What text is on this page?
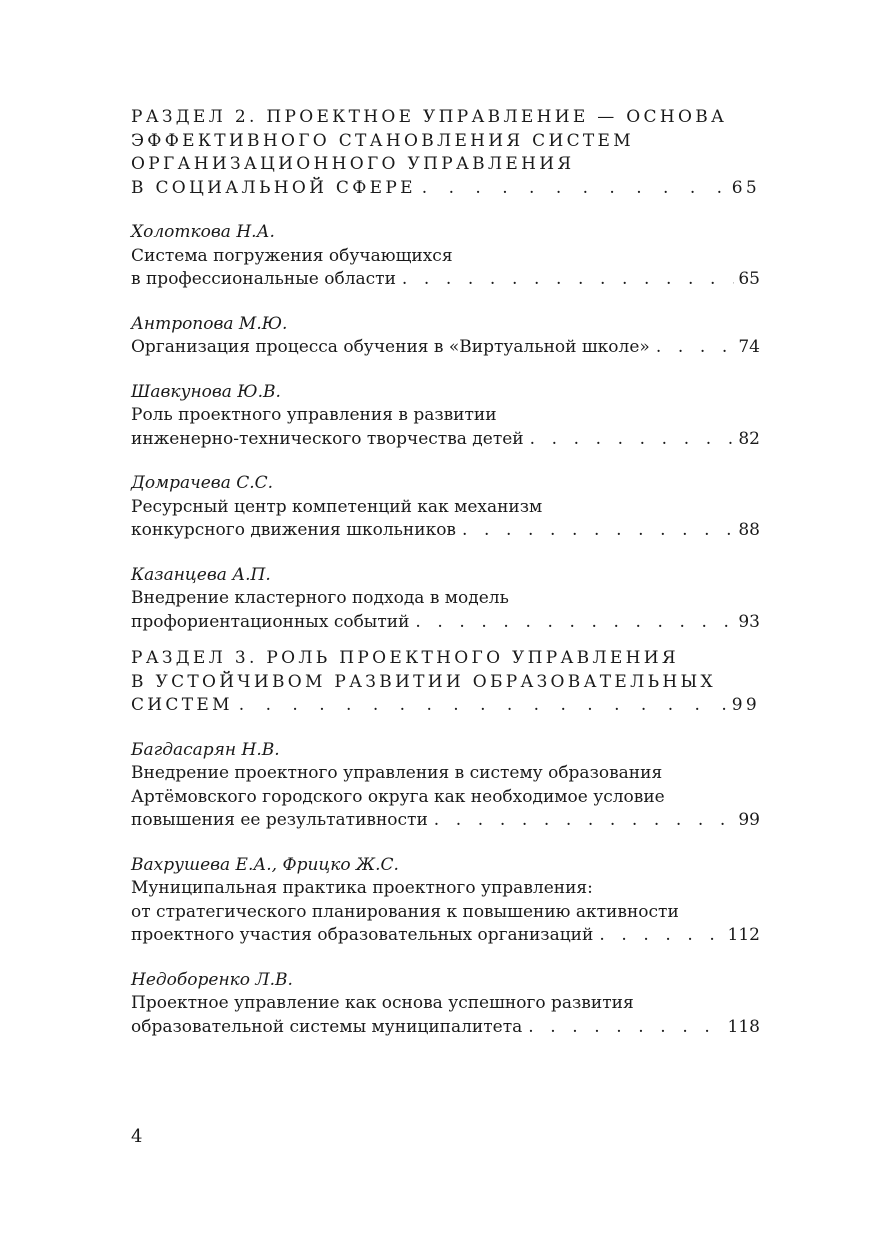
РАЗДЕЛ 2. ПРОЕКТНОЕ УПРАВЛЕНИЕ — ОСНОВА
ЭФФЕКТИВНОГО СТАНОВЛЕНИЯ СИСТЕМ
ОРГАНИЗАЦИОННОГО УПРАВЛЕНИЯ
В СОЦИАЛЬНОЙ СФЕРЕ . . .	65
Холоткова Н.А.
Система погружения обучающихся
в профессиональные области . . .	65
Антропова М.Ю.
Организация процесса обучения в «Виртуальной школе» . . .	74
Шавкунова Ю.В.
Роль проектного управления в развитии
инженерно-технического творчества детей . . .	82
Домрачева С.С.
Ресурсный центр компетенций как механизм
конкурсного движения школьников . . .	88
Казанцева А.П.
Внедрение кластерного подхода в модель
профориентационных событий . . .	93
РАЗДЕЛ 3. РОЛЬ ПРОЕКТНОГО УПРАВЛЕНИЯ
В УСТОЙЧИВОМ РАЗВИТИИ ОБРАЗОВАТЕЛЬНЫХ
СИСТЕМ . . .	99
Багдасарян Н.В.
Внедрение проектного управления в систему образования
Артёмовского городского округа как необходимое условие
повышения ее результативности . . .	99
Вахрушева Е.А., Фрицко Ж.С.
Муниципальная практика проектного управления:
от стратегического планирования к повышению активности
проектного участия образовательных организаций . . .	112
Недоборенко Л.В.
Проектное управление как основа успешного развития
образовательной системы муниципалитета . . .	118
4
